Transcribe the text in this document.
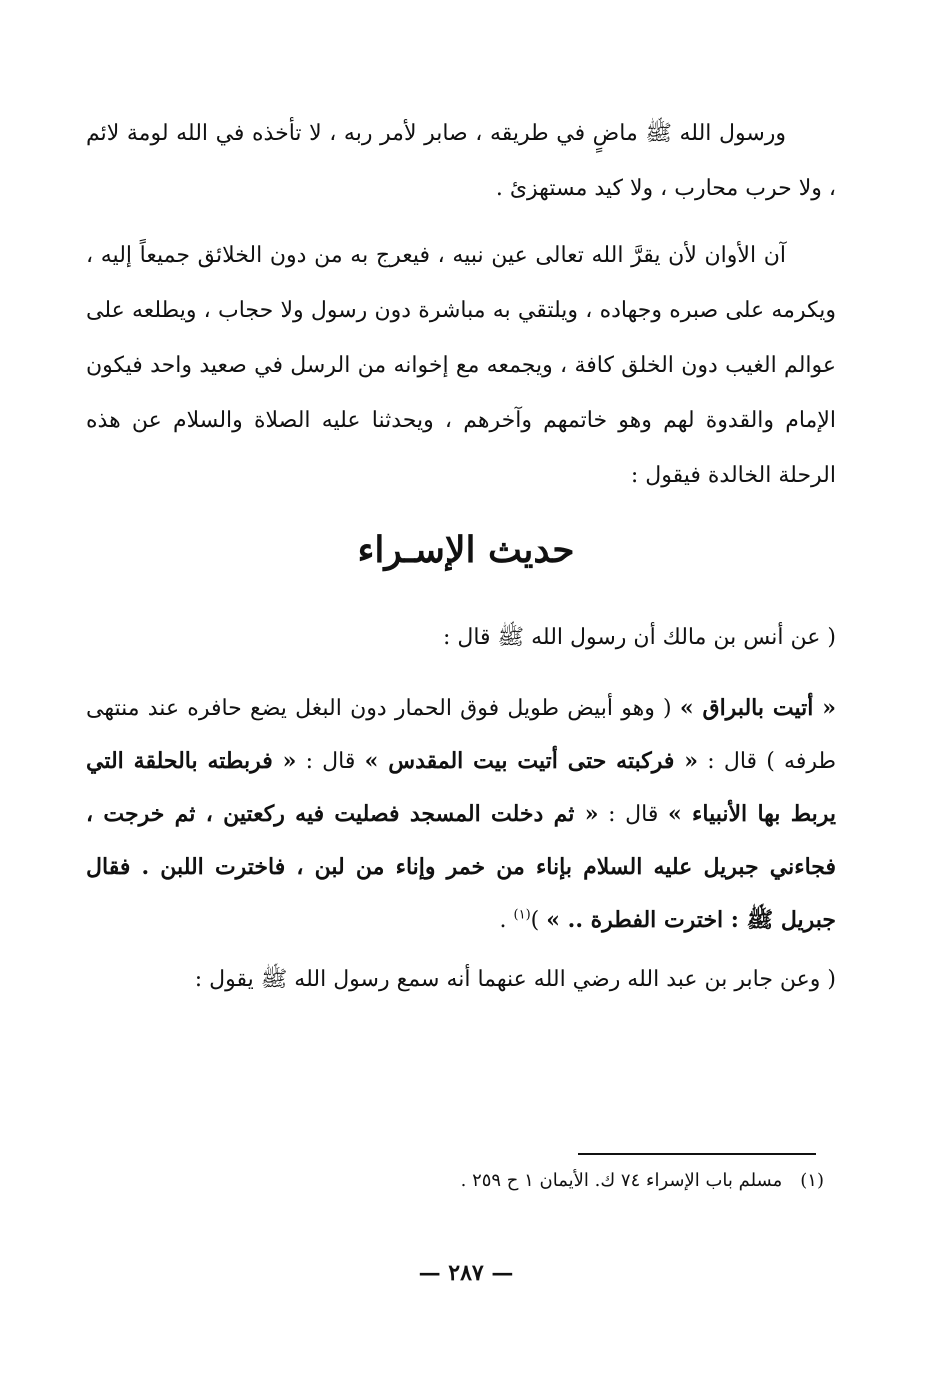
ورسول الله ﷺ ماضٍ في طريقه ، صابر لأمر ربه ، لا تأخذه في الله لومة لائم ، ولا حرب محارب ، ولا كيد مستهزئ .

آن الأوان لأن يقرَّ الله تعالى عين نبيه ، فيعرج به من دون الخلائق جميعاً إليه ، ويكرمه على صبره وجهاده ، ويلتقي به مباشرة دون رسول ولا حجاب ، ويطلعه على عوالم الغيب دون الخلق كافة ، ويجمعه مع إخوانه من الرسل في صعيد واحد فيكون الإمام والقدوة لهم وهو خاتمهم وآخرهم ، ويحدثنا عليه الصلاة والسلام عن هذه الرحلة الخالدة فيقول :

حديث الإسـراء

( عن أنس بن مالك أن رسول الله ﷺ قال :

« أتيت بالبراق » ( وهو أبيض طويل فوق الحمار دون البغل يضع حافره عند منتهى طرفه ) قال : « فركبته حتى أتيت بيت المقدس » قال : « فربطته بالحلقة التي يربط بها الأنبياء » قال : « ثم دخلت المسجد فصليت فيه ركعتين ، ثم خرجت ، فجاءني جبريل عليه السلام بإناء من خمر وإناء من لبن ، فاخترت اللبن . فقال جبريل ﷺ : اخترت الفطرة .. » )$^{(١)}$ .

( وعن جابر بن عبد الله رضي الله عنهما أنه سمع رسول الله ﷺ يقول :

(١)مسلم باب الإسراء ٧٤ ك. الأيمان ١ ح ٢٥٩ .

— ٢٨٧ —
